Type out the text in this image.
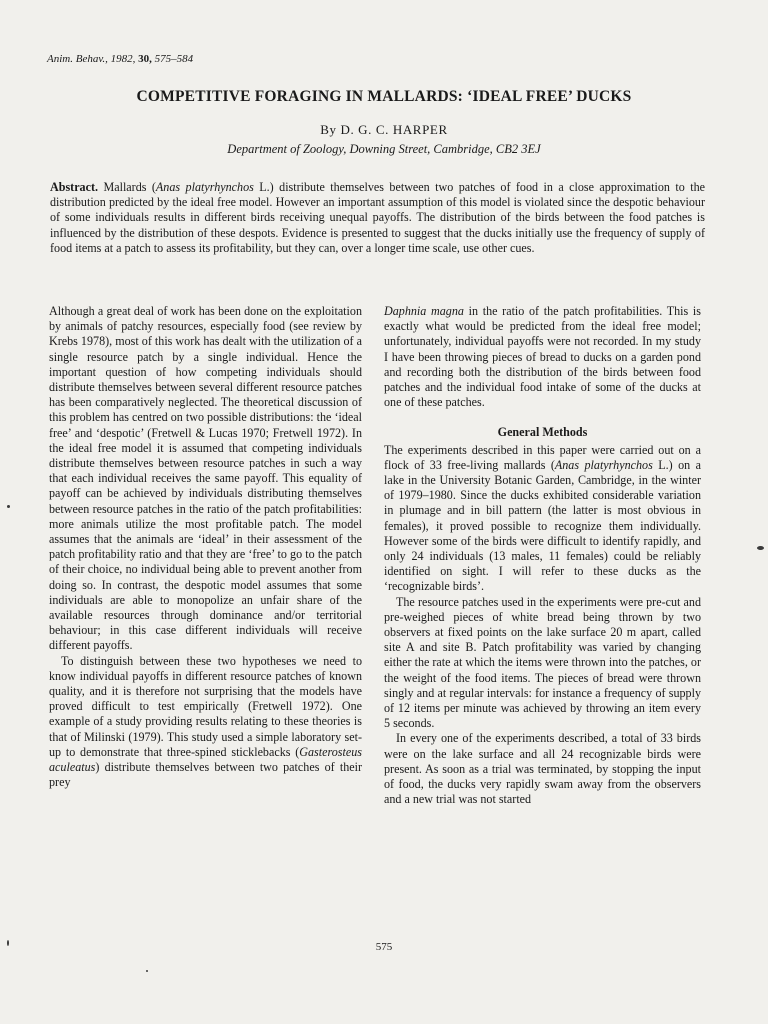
Anim. Behav., 1982, 30, 575–584
COMPETITIVE FORAGING IN MALLARDS: ‘IDEAL FREE’ DUCKS
By D. G. C. HARPER
Department of Zoology, Downing Street, Cambridge, CB2 3EJ

Abstract. Mallards (Anas platyrhynchos L.) distribute themselves between two patches of food in a close approximation to the distribution predicted by the ideal free model. However an important assumption of this model is violated since the despotic behaviour of some individuals results in different birds receiving unequal payoffs. The distribution of the birds between the food patches is influenced by the distribution of these despots. Evidence is presented to suggest that the ducks initially use the frequency of supply of food items at a patch to assess its profitability, but they can, over a longer time scale, use other cues.

Although a great deal of work has been done on the exploitation by animals of patchy resources, especially food (see review by Krebs 1978), most of this work has dealt with the utilization of a single resource patch by a single individual. Hence the important question of how competing individuals should distribute themselves between several different resource patches has been comparatively neglected. The theoretical discussion of this problem has centred on two possible distributions: the ‘ideal free’ and ‘despotic’ (Fretwell & Lucas 1970; Fretwell 1972). In the ideal free model it is assumed that competing individuals distribute themselves between resource patches in such a way that each individual receives the same payoff. This equality of payoff can be achieved by individuals distributing themselves between resource patches in the ratio of the patch profitabilities: more animals utilize the most profitable patch. The model assumes that the animals are ‘ideal’ in their assessment of the patch profitability ratio and that they are ‘free’ to go to the patch of their choice, no individual being able to prevent another from doing so. In contrast, the despotic model assumes that some individuals are able to monopolize an unfair share of the available resources through dominance and/or territorial behaviour; in this case different individuals will receive different payoffs.

To distinguish between these two hypotheses we need to know individual payoffs in different resource patches of known quality, and it is therefore not surprising that the models have proved difficult to test empirically (Fretwell 1972). One example of a study providing results relating to these theories is that of Milinski (1979). This study used a simple laboratory set-up to demonstrate that three-spined sticklebacks (Gasterosteus aculeatus) distribute themselves between two patches of their prey

Daphnia magna in the ratio of the patch profitabilities. This is exactly what would be predicted from the ideal free model; unfortunately, individual payoffs were not recorded. In my study I have been throwing pieces of bread to ducks on a garden pond and recording both the distribution of the birds between food patches and the individual food intake of some of the ducks at one of these patches.

General Methods

The experiments described in this paper were carried out on a flock of 33 free-living mallards (Anas platyrhynchos L.) on a lake in the University Botanic Garden, Cambridge, in the winter of 1979–1980. Since the ducks exhibited considerable variation in plumage and in bill pattern (the latter is most obvious in females), it proved possible to recognize them individually. However some of the birds were difficult to identify rapidly, and only 24 individuals (13 males, 11 females) could be reliably identified on sight. I will refer to these ducks as the ‘recognizable birds’.

The resource patches used in the experiments were pre-cut and pre-weighed pieces of white bread being thrown by two observers at fixed points on the lake surface 20 m apart, called site A and site B. Patch profitability was varied by changing either the rate at which the items were thrown into the patches, or the weight of the food items. The pieces of bread were thrown singly and at regular intervals: for instance a frequency of supply of 12 items per minute was achieved by throwing an item every 5 seconds.

In every one of the experiments described, a total of 33 birds were on the lake surface and all 24 recognizable birds were present. As soon as a trial was terminated, by stopping the input of food, the ducks very rapidly swam away from the observers and a new trial was not started

575
